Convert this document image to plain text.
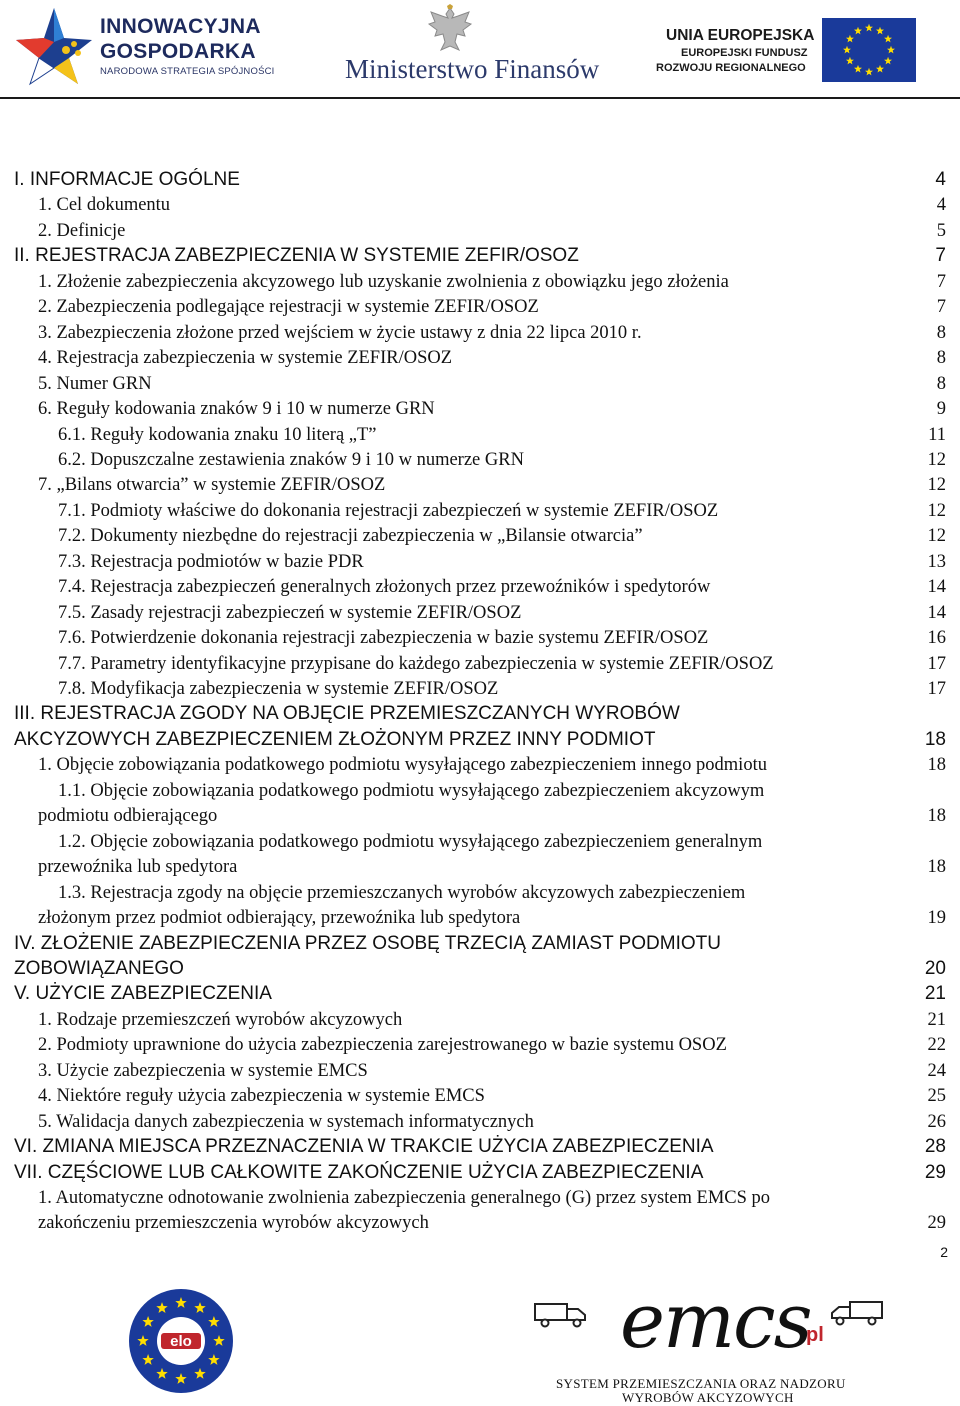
INNOWACYJNA
GOSPODARKA
NARODOWA STRATEGIA SPÓJNOŚCI	Ministerstwo Finansów
UNIA EUROPEJSKA
EUROPEJSKI FUNDUSZ
ROZWOJU REGIONALNEGO
I. INFORMACJE OGÓLNE	4
1. Cel dokumentu	4
2. Definicje	5
II. REJESTRACJA ZABEZPIECZENIA W SYSTEMIE ZEFIR/OSOZ	7
1. Złożenie zabezpieczenia akcyzowego lub uzyskanie zwolnienia z obowiązku jego złożenia	7
2. Zabezpieczenia podlegające rejestracji w systemie ZEFIR/OSOZ	7
3. Zabezpieczenia złożone przed wejściem w życie ustawy z dnia 22 lipca 2010 r.	8
4. Rejestracja zabezpieczenia w systemie ZEFIR/OSOZ	8
5. Numer GRN	8
6. Reguły kodowania znaków 9 i 10 w numerze GRN	9
6.1. Reguły kodowania znaku 10 literą „T”	11
6.2. Dopuszczalne zestawienia znaków 9 i 10 w numerze GRN	12
7. „Bilans otwarcia” w systemie ZEFIR/OSOZ	12
7.1. Podmioty właściwe do dokonania rejestracji zabezpieczeń w systemie ZEFIR/OSOZ	12
7.2. Dokumenty niezbędne do rejestracji zabezpieczenia w „Bilansie otwarcia”	12
7.3. Rejestracja podmiotów w bazie PDR	13
7.4. Rejestracja zabezpieczeń generalnych złożonych przez przewoźników i spedytorów	14
7.5. Zasady rejestracji zabezpieczeń w systemie ZEFIR/OSOZ	14
7.6. Potwierdzenie dokonania rejestracji zabezpieczenia w bazie systemu ZEFIR/OSOZ	16
7.7. Parametry identyfikacyjne przypisane do każdego zabezpieczenia w systemie ZEFIR/OSOZ	17
7.8. Modyfikacja zabezpieczenia w systemie ZEFIR/OSOZ	17
III. REJESTRACJA ZGODY NA OBJĘCIE PRZEMIESZCZANYCH WYROBÓW
AKCYZOWYCH ZABEZPIECZENIEM ZŁOŻONYM PRZEZ INNY PODMIOT	18
1. Objęcie zobowiązania podatkowego podmiotu wysyłającego zabezpieczeniem innego podmiotu	18
1.1. Objęcie zobowiązania podatkowego podmiotu wysyłającego zabezpieczeniem akcyzowym
podmiotu odbierającego	18
1.2. Objęcie zobowiązania podatkowego podmiotu wysyłającego zabezpieczeniem generalnym
przewoźnika lub spedytora	18
1.3. Rejestracja zgody na objęcie przemieszczanych wyrobów akcyzowych zabezpieczeniem
złożonym przez podmiot odbierający, przewoźnika lub spedytora	19
IV. ZŁOŻENIE ZABEZPIECZENIA PRZEZ OSOBĘ TRZECIĄ ZAMIAST PODMIOTU
ZOBOWIĄZANEGO	20
V. UŻYCIE ZABEZPIECZENIA	21
1. Rodzaje przemieszczeń wyrobów akcyzowych	21
2. Podmioty uprawnione do użycia zabezpieczenia zarejestrowanego w bazie systemu OSOZ	22
3. Użycie zabezpieczenia w systemie EMCS	24
4. Niektóre reguły użycia zabezpieczenia w systemie EMCS	25
5. Walidacja danych zabezpieczenia w systemach informatycznych	26
VI. ZMIANA MIEJSCA PRZEZNACZENIA W TRAKCIE UŻYCIA ZABEZPIECZENIA	28
VII. CZĘŚCIOWE LUB CAŁKOWITE ZAKOŃCZENIE UŻYCIA ZABEZPIECZENIA	29
1. Automatyczne odnotowanie zwolnienia zabezpieczenia generalnego (G) przez system EMCS po
zakończeniu przemieszczenia wyrobów akcyzowych	29
2
elo	emcs
pl
SYSTEM PRZEMIESZCZANIA ORAZ NADZORU
WYROBÓW AKCYZOWYCH
